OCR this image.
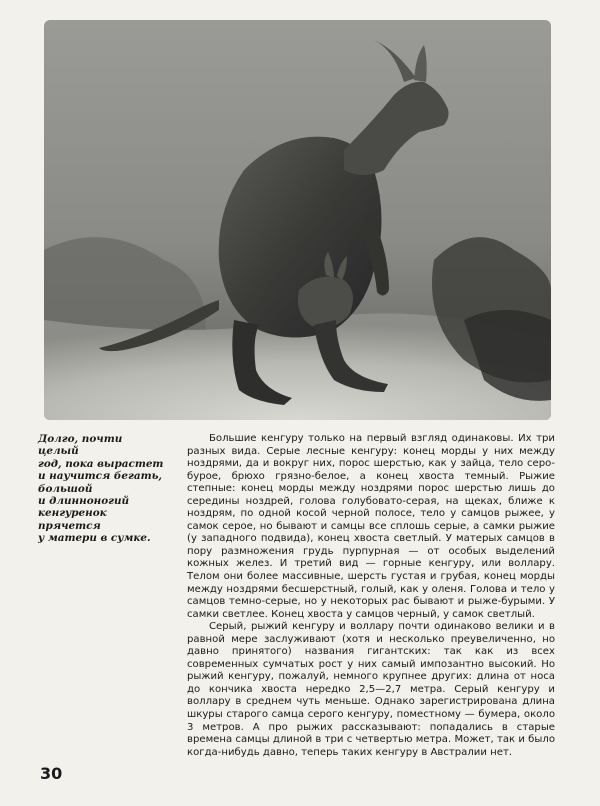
Долго, почти целый
год, пока вырастет
и научится бегать,
большой
и длинноногий
кенгуренок прячется
у матери в сумке.

Большие кенгуру только на первый взгляд одинаковы. Их три разных вида. Серые лесные кенгуру: конец морды у них между ноздрями, да и вокруг них, порос шерстью, как у зайца, тело серо-бурое, брюхо грязно-белое, а конец хвоста темный. Рыжие степные: конец морды между ноздрями порос шерстью лишь до середины ноздрей, голова голубовато-серая, на щеках, ближе к ноздрям, по одной косой черной полосе, тело у самцов рыжее, у самок серое, но бывают и самцы все сплошь серые, а самки рыжие (у западного подвида), конец хвоста светлый. У матерых самцов в пору размножения грудь пурпурная — от особых выделений кожных желез. И третий вид — горные кенгуру, или воллару. Телом они более массивные, шерсть густая и грубая, конец морды между ноздрями бесшерстный, голый, как у оленя. Голова и тело у самцов темно-серые, но у некоторых рас бывают и рыже-бурыми. У самки светлее. Конец хвоста у самцов черный, у самок светлый.

Серый, рыжий кенгуру и воллару почти одинаково велики и в равной мере заслуживают (хотя и несколько преувеличенно, но давно принятого) названия гигантских: так как из всех современных сумчатых рост у них самый импозантно высокий. Но рыжий кенгуру, пожалуй, немного крупнее других: длина от носа до кончика хвоста нередко 2,5—2,7 метра. Серый кенгуру и воллару в среднем чуть меньше. Однако зарегистрирована длина шкуры старого самца серого кенгуру, поместному — бумера, около 3 метров. А про рыжих рассказывают: попадались в старые времена самцы длиной в три с четвертью метра. Может, так и было когда-нибудь давно, теперь таких кенгуру в Австралии нет.

30
